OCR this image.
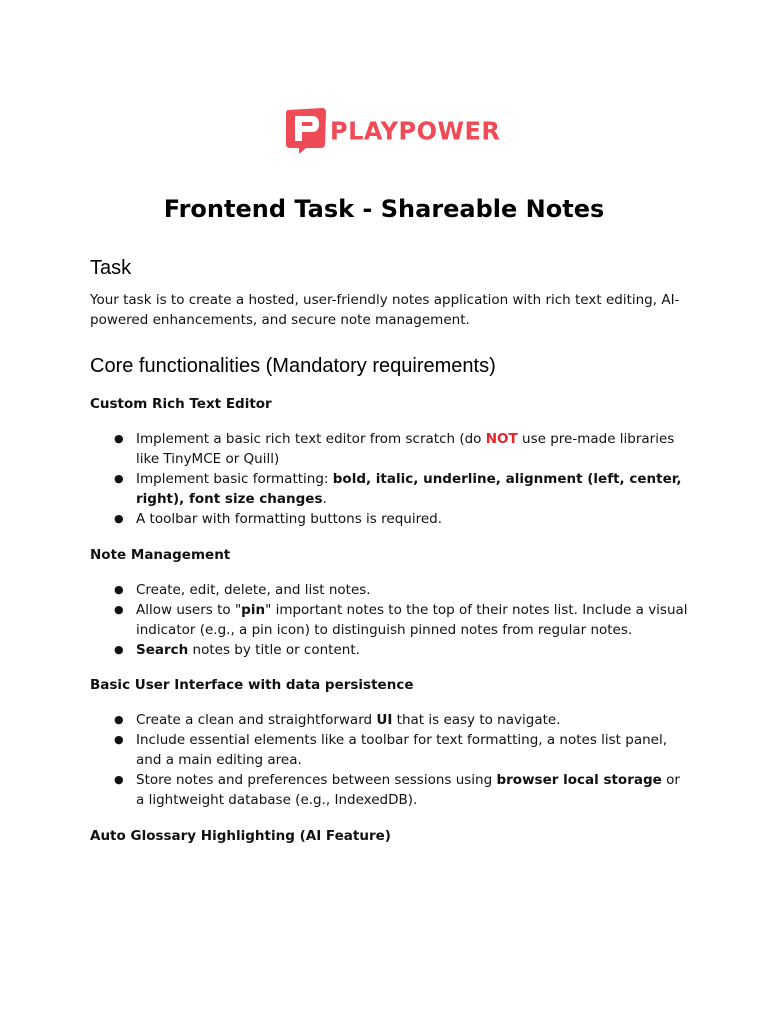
PLAYPOWER
Frontend Task - Shareable Notes
Task

Your task is to create a hosted, user-friendly notes application with rich text editing, AI-powered enhancements, and secure note management.

Core functionalities (Mandatory requirements)
Custom Rich Text Editor
● Implement a basic rich text editor from scratch (do NOT use pre-made libraries like TinyMCE or Quill)
● Implement basic formatting: bold, italic, underline, alignment (left, center, right), font size changes.
● A toolbar with formatting buttons is required.
Note Management
● Create, edit, delete, and list notes.
● Allow users to "pin" important notes to the top of their notes list. Include a visual indicator (e.g., a pin icon) to distinguish pinned notes from regular notes.
● Search notes by title or content.
Basic User Interface with data persistence
● Create a clean and straightforward UI that is easy to navigate.
● Include essential elements like a toolbar for text formatting, a notes list panel, and a main editing area.
● Store notes and preferences between sessions using browser local storage or a lightweight database (e.g., IndexedDB).
Auto Glossary Highlighting (AI Feature)
